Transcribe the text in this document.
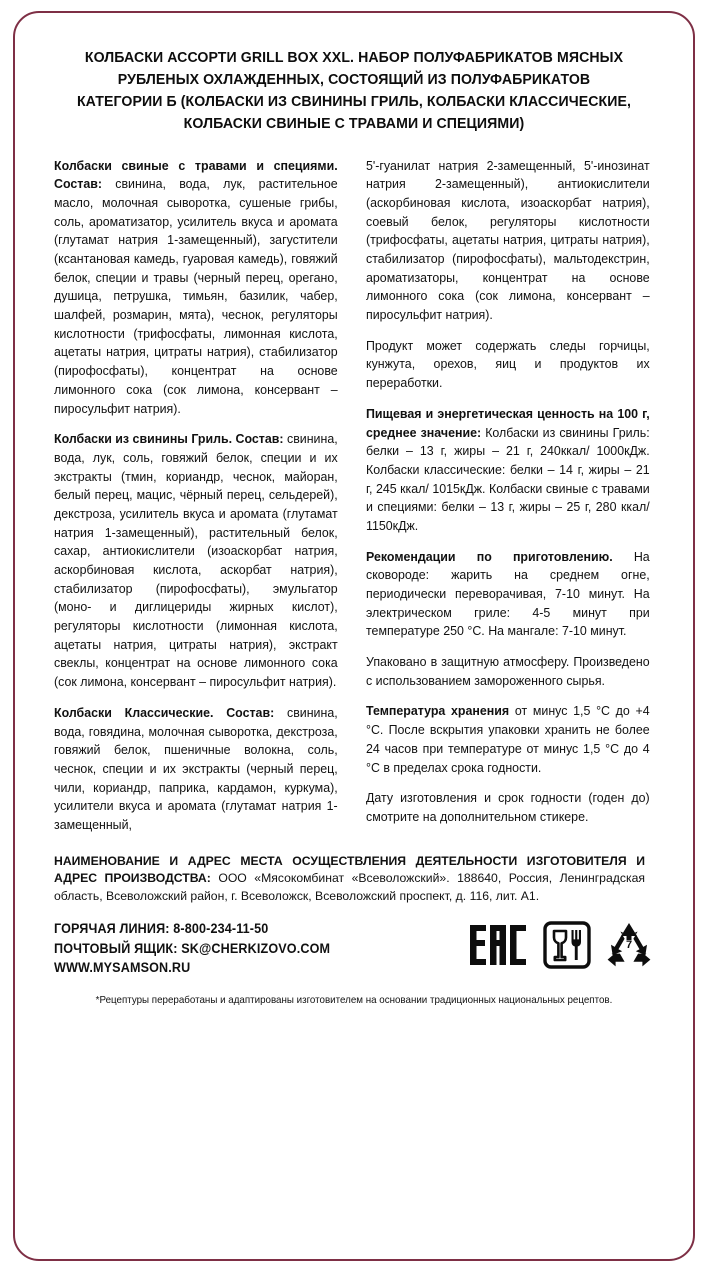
КОЛБАСКИ АССОРТИ GRILL BOX XXL. НАБОР ПОЛУФАБРИКАТОВ МЯСНЫХ РУБЛЕНЫХ ОХЛАЖДЕННЫХ, СОСТОЯЩИЙ ИЗ ПОЛУФАБРИКАТОВ КАТЕГОРИИ Б (КОЛБАСКИ ИЗ СВИНИНЫ ГРИЛЬ, КОЛБАСКИ КЛАССИЧЕСКИЕ, КОЛБАСКИ СВИНЫЕ С ТРАВАМИ И СПЕЦИЯМИ)

Колбаски свиные с травами и специями. Состав: свинина, вода, лук, растительное масло, молочная сыворотка, сушеные грибы, соль, ароматизатор, усилитель вкуса и аромата (глутамат натрия 1-замещенный), загустители (ксантановая камедь, гуаровая камедь), говяжий белок, специи и травы (черный перец, орегано, душица, петрушка, тимьян, базилик, чабер, шалфей, розмарин, мята), чеснок, регуляторы кислотности (трифосфаты, лимонная кислота, ацетаты натрия, цитраты натрия), стабилизатор (пирофосфаты), концентрат на основе лимонного сока (сок лимона, консервант – пиросульфит натрия).

Колбаски из свинины Гриль. Состав: свинина, вода, лук, соль, говяжий белок, специи и их экстракты (тмин, кориандр, чеснок, майоран, белый перец, мацис, чёрный перец, сельдерей), декстроза, усилитель вкуса и аромата (глутамат натрия 1-замещенный), растительный белок, сахар, антиокислители (изоаскорбат натрия, аскорбиновая кислота, аскорбат натрия), стабилизатор (пирофосфаты), эмульгатор (моно- и диглицериды жирных кислот), регуляторы кислотности (лимонная кислота, ацетаты натрия, цитраты натрия), экстракт свеклы, концентрат на основе лимонного сока (сок лимона, консервант – пиросульфит натрия).

Колбаски Классические. Состав: свинина, вода, говядина, молочная сыворотка, декстроза, говяжий белок, пшеничные волокна, соль, чеснок, специи и их экстракты (черный перец, чили, кориандр, паприка, кардамон, куркума), усилители вкуса и аромата (глутамат натрия 1-замещенный,

5'-гуанилат натрия 2-замещенный, 5'-инозинат натрия 2-замещенный), антиокислители (аскорбиновая кислота, изоаскорбат натрия), соевый белок, регуляторы кислотности (трифосфаты, ацетаты натрия, цитраты натрия), стабилизатор (пирофосфаты), мальтодекстрин, ароматизаторы, концентрат на основе лимонного сока (сок лимона, консервант – пиросульфит натрия).

Продукт может содержать следы горчицы, кунжута, орехов, яиц и продуктов их переработки.

Пищевая и энергетическая ценность на 100 г, среднее значение: Колбаски из свинины Гриль: белки – 13 г, жиры – 21 г, 240ккал/ 1000кДж. Колбаски классические: белки – 14 г, жиры – 21 г, 245 ккал/ 1015кДж. Колбаски свиные с травами и специями: белки – 13 г, жиры – 25 г, 280 ккал/ 1150кДж.

Рекомендации по приготовлению. На сковороде: жарить на среднем огне, периодически переворачивая, 7-10 минут. На электрическом гриле: 4-5 минут при температуре 250 °С. На мангале: 7-10 минут.

Упаковано в защитную атмосферу. Произведено с использованием замороженного сырья.

Температура хранения от минус 1,5 °С до +4 °С. После вскрытия упаковки хранить не более 24 часов при температуре от минус 1,5 °С до 4 °С в пределах срока годности.

Дату изготовления и срок годности (годен до) смотрите на дополнительном стикере.

НАИМЕНОВАНИЕ И АДРЕС МЕСТА ОСУЩЕСТВЛЕНИЯ ДЕЯТЕЛЬНОСТИ ИЗГОТОВИТЕЛЯ И АДРЕС ПРОИЗВОДСТВА: ООО «Мясокомбинат «Всеволожский». 188640, Россия, Ленинградская область, Всеволожский район, г. Всеволожск, Всеволожский проспект, д. 116, лит. А1.

ГОРЯЧАЯ ЛИНИЯ: 8-800-234-11-50
ПОЧТОВЫЙ ЯЩИК: SK@CHERKIZOVO.COM
WWW.MYSAMSON.RU
7
*Рецептуры переработаны и адаптированы изготовителем на основании традиционных национальных рецептов.
